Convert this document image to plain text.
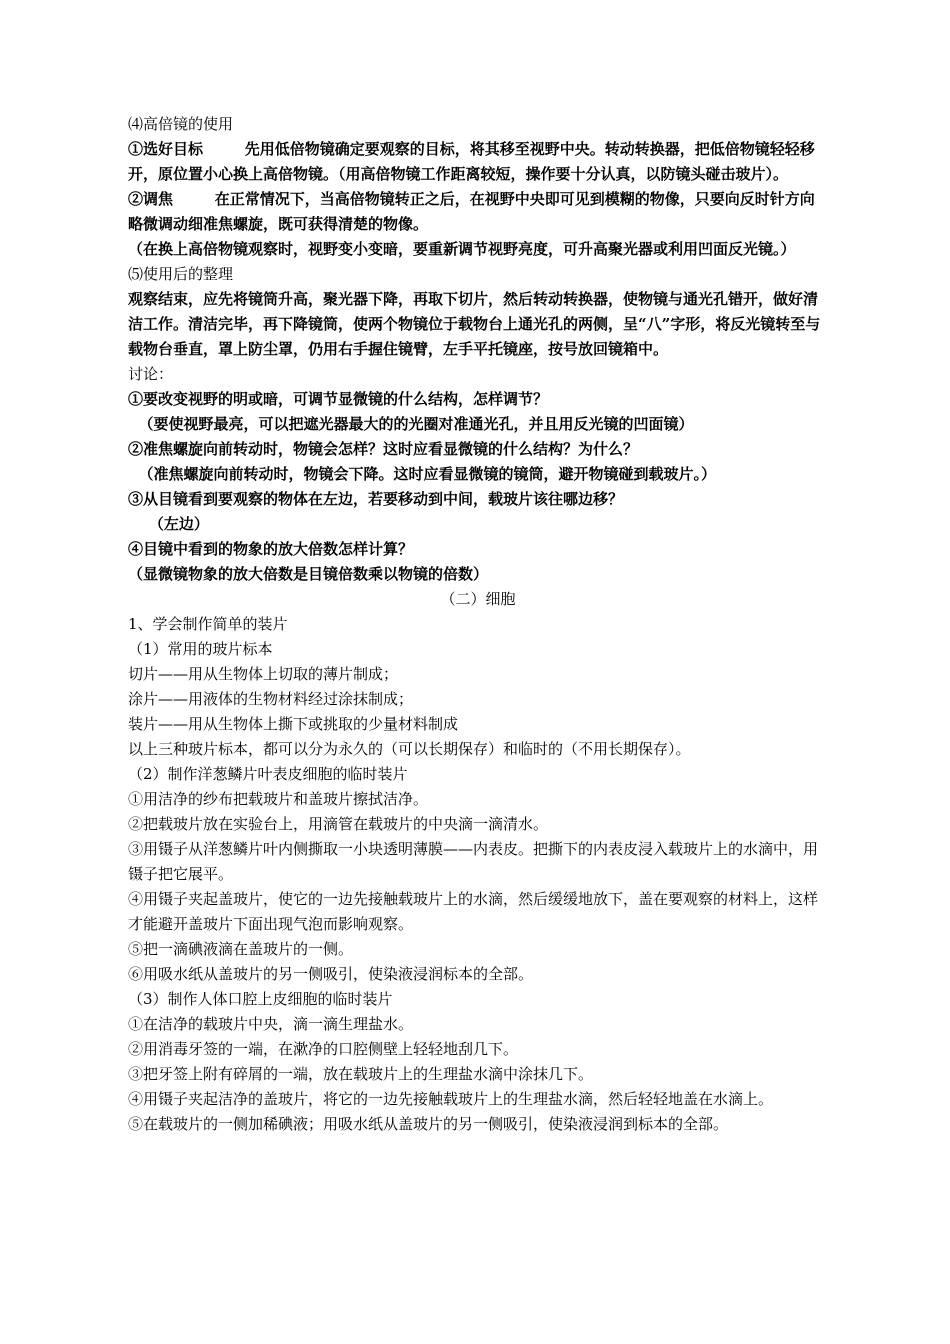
⑷高倍镜的使用

①选好目标        先用低倍物镜确定要观察的目标，将其移至视野中央。转动转换器，把低倍物镜轻轻移开，原位置小心换上高倍物镜。（用高倍物镜工作距离较短，操作要十分认真，以防镜头碰击玻片）。

②调焦        在正常情况下，当高倍物镜转正之后，在视野中央即可见到模糊的物像，只要向反时针方向略微调动细准焦螺旋，既可获得清楚的物像。

（在换上高倍物镜观察时，视野变小变暗，要重新调节视野亮度，可升高聚光器或利用凹面反光镜。）

⑸使用后的整理

观察结束，应先将镜筒升高，聚光器下降，再取下切片，然后转动转换器，使物镜与通光孔错开，做好清洁工作。清洁完毕，再下降镜筒，使两个物镜位于载物台上通光孔的两侧，呈“八”字形，将反光镜转至与载物台垂直，罩上防尘罩，仍用右手握住镜臂，左手平托镜座，按号放回镜箱中。

讨论：

①要改变视野的明或暗，可调节显微镜的什么结构，怎样调节？

（要使视野最亮，可以把遮光器最大的的光圈对准通光孔，并且用反光镜的凹面镜）

②准焦螺旋向前转动时，物镜会怎样？这时应看显微镜的什么结构？为什么？

（准焦螺旋向前转动时，物镜会下降。这时应看显微镜的镜筒，避开物镜碰到载玻片。）

③从目镜看到要观察的物体在左边，若要移动到中间，载玻片该往哪边移？

（左边）

④目镜中看到的物象的放大倍数怎样计算？

（显微镜物象的放大倍数是目镜倍数乘以物镜的倍数）

（二）细胞

1、学会制作简单的装片

（1）常用的玻片标本

切片——用从生物体上切取的薄片制成；

涂片——用液体的生物材料经过涂抹制成；

装片——用从生物体上撕下或挑取的少量材料制成

以上三种玻片标本，都可以分为永久的（可以长期保存）和临时的（不用长期保存）。

（2）制作洋葱鳞片叶表皮细胞的临时装片

①用洁净的纱布把载玻片和盖玻片擦拭洁净。

②把载玻片放在实验台上，用滴管在载玻片的中央滴一滴清水。

③用镊子从洋葱鳞片叶内侧撕取一小块透明薄膜——内表皮。把撕下的内表皮浸入载玻片上的水滴中，用镊子把它展平。

④用镊子夹起盖玻片，使它的一边先接触载玻片上的水滴，然后缓缓地放下，盖在要观察的材料上，这样才能避开盖玻片下面出现气泡而影响观察。

⑤把一滴碘液滴在盖玻片的一侧。

⑥用吸水纸从盖玻片的另一侧吸引，使染液浸润标本的全部。

（3）制作人体口腔上皮细胞的临时装片

①在洁净的载玻片中央，滴一滴生理盐水。

②用消毒牙签的一端，在漱净的口腔侧壁上轻轻地刮几下。

③把牙签上附有碎屑的一端，放在载玻片上的生理盐水滴中涂抹几下。

④用镊子夹起洁净的盖玻片，将它的一边先接触载玻片上的生理盐水滴，然后轻轻地盖在水滴上。

⑤在载玻片的一侧加稀碘液；用吸水纸从盖玻片的另一侧吸引，使染液浸润到标本的全部。
